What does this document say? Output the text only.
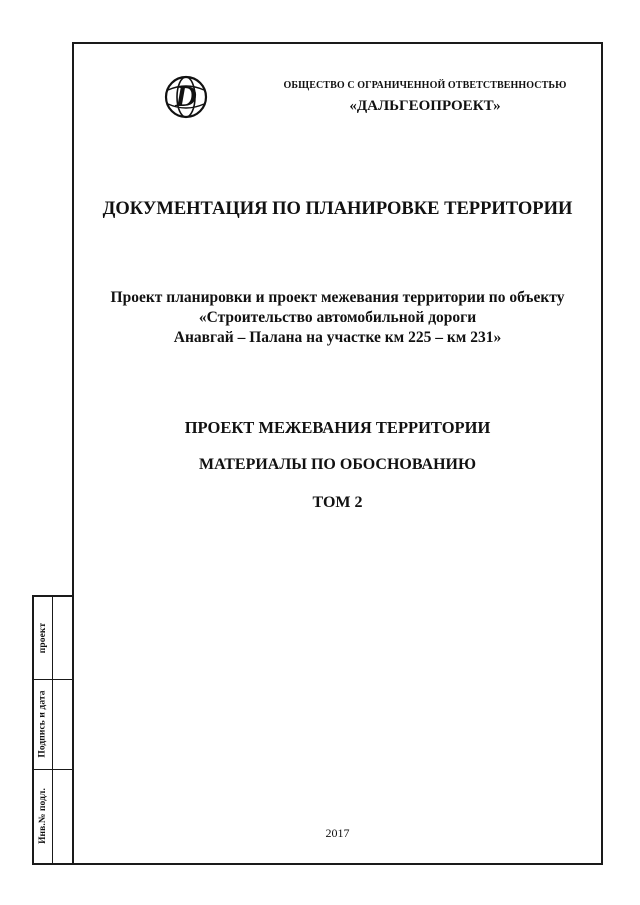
проект
Подпись и дата
Инв.№ подл.
D	ОБЩЕСТВО С ОГРАНИЧЕННОЙ ОТВЕТСТВЕННОСТЬЮ
«ДАЛЬГЕОПРОЕКТ»
ДОКУМЕНТАЦИЯ ПО ПЛАНИРОВКЕ ТЕРРИТОРИИ
Проект планировки и проект межевания территории по объекту
«Строительство автомобильной дороги
Анавгай – Палана на участке км 225 – км 231»
ПРОЕКТ МЕЖЕВАНИЯ ТЕРРИТОРИИ
МАТЕРИАЛЫ ПО ОБОСНОВАНИЮ
ТОМ 2
2017
